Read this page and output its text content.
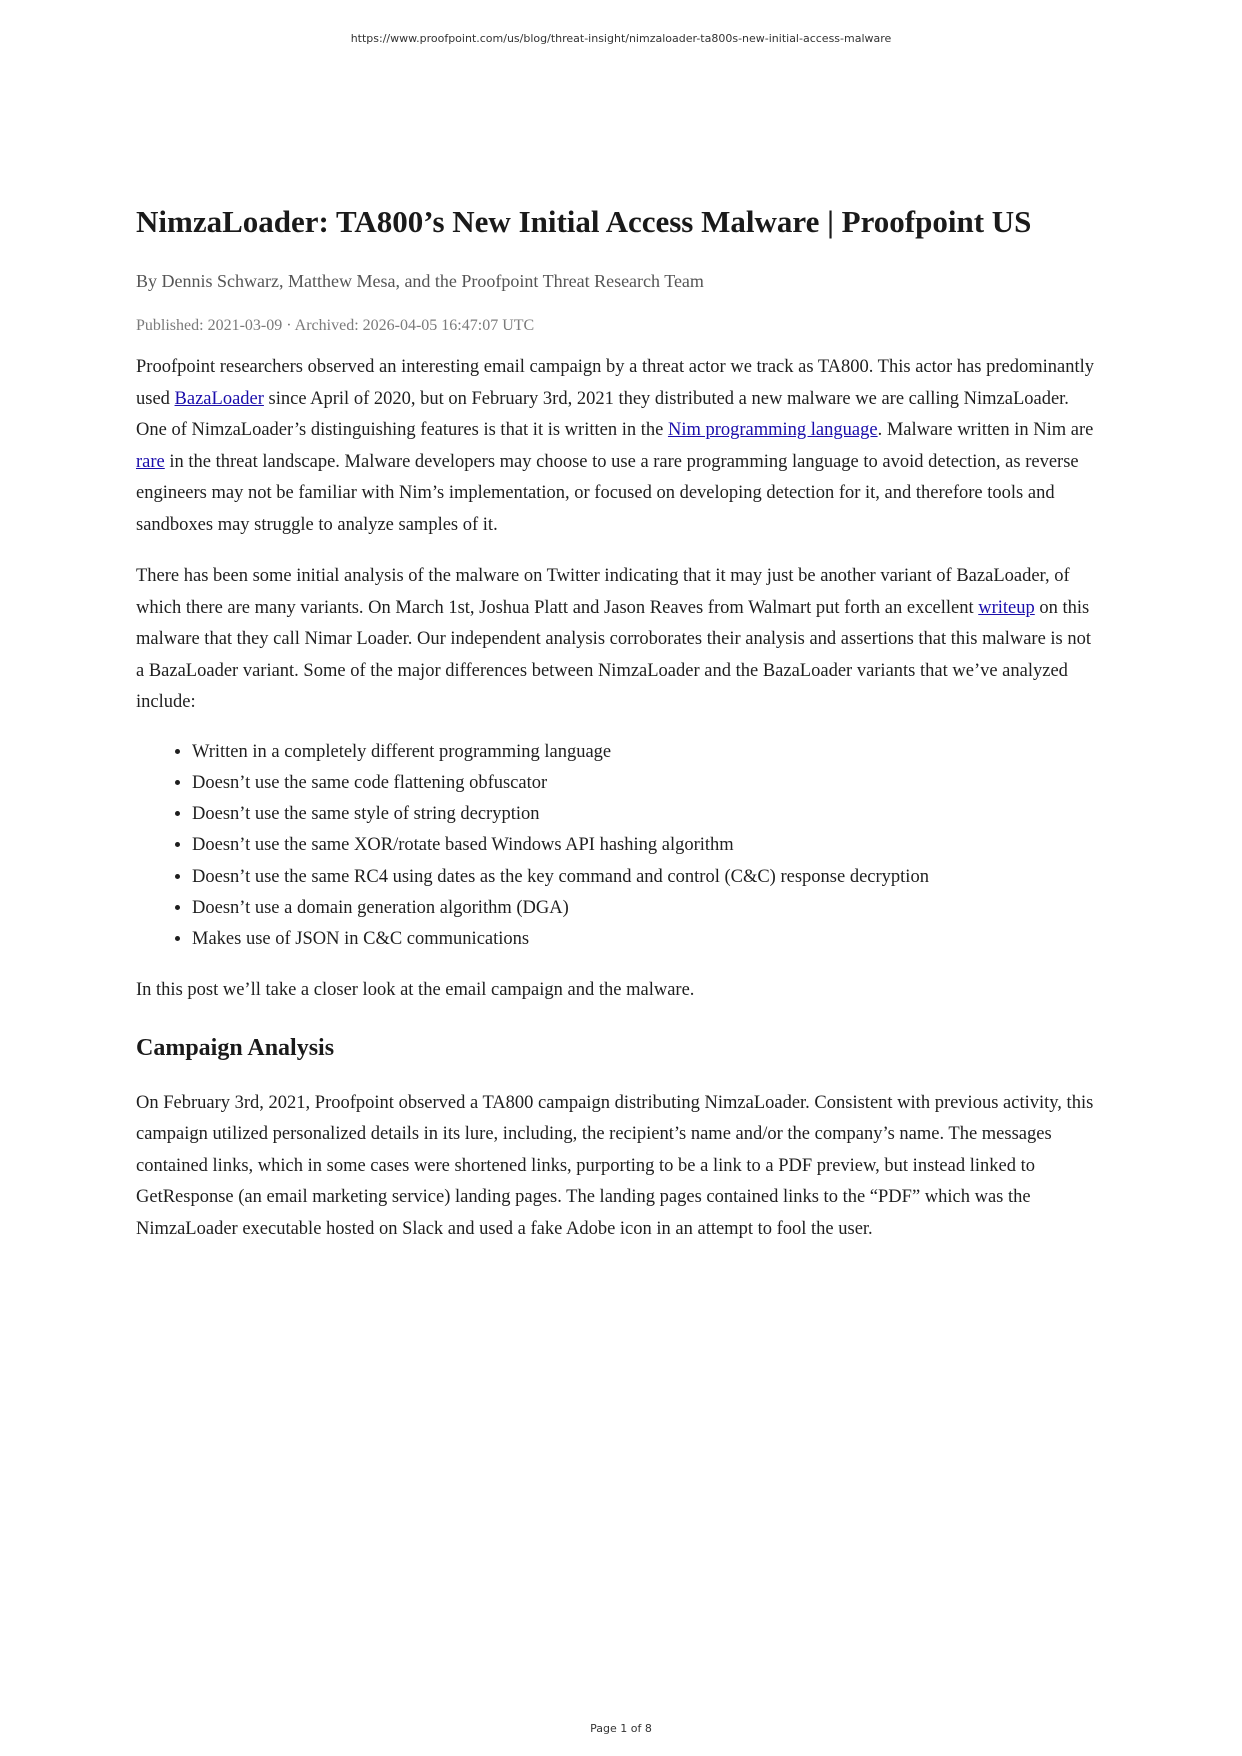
https://www.proofpoint.com/us/blog/threat-insight/nimzaloader-ta800s-new-initial-access-malware
NimzaLoader: TA800’s New Initial Access Malware | Proofpoint US
By Dennis Schwarz, Matthew Mesa, and the Proofpoint Threat Research Team
Published: 2021-03-09 · Archived: 2026-04-05 16:47:07 UTC

Proofpoint researchers observed an interesting email campaign by a threat actor we track as TA800. This actor has predominantly used BazaLoader since April of 2020, but on February 3rd, 2021 they distributed a new malware we are calling NimzaLoader. One of NimzaLoader’s distinguishing features is that it is written in the Nim programming language. Malware written in Nim are rare in the threat landscape. Malware developers may choose to use a rare programming language to avoid detection, as reverse engineers may not be familiar with Nim’s implementation, or focused on developing detection for it, and therefore tools and sandboxes may struggle to analyze samples of it.

There has been some initial analysis of the malware on Twitter indicating that it may just be another variant of BazaLoader, of which there are many variants. On March 1st, Joshua Platt and Jason Reaves from Walmart put forth an excellent writeup on this malware that they call Nimar Loader. Our independent analysis corroborates their analysis and assertions that this malware is not a BazaLoader variant. Some of the major differences between NimzaLoader and the BazaLoader variants that we’ve analyzed include:

• Written in a completely different programming language
• Doesn’t use the same code flattening obfuscator
• Doesn’t use the same style of string decryption
• Doesn’t use the same XOR/rotate based Windows API hashing algorithm
• Doesn’t use the same RC4 using dates as the key command and control (C&C) response decryption
• Doesn’t use a domain generation algorithm (DGA)
• Makes use of JSON in C&C communications

In this post we’ll take a closer look at the email campaign and the malware.

Campaign Analysis

On February 3rd, 2021, Proofpoint observed a TA800 campaign distributing NimzaLoader. Consistent with previous activity, this campaign utilized personalized details in its lure, including, the recipient’s name and/or the company’s name. The messages contained links, which in some cases were shortened links, purporting to be a link to a PDF preview, but instead linked to GetResponse (an email marketing service) landing pages. The landing pages contained links to the “PDF” which was the NimzaLoader executable hosted on Slack and used a fake Adobe icon in an attempt to fool the user.

Page 1 of 8
